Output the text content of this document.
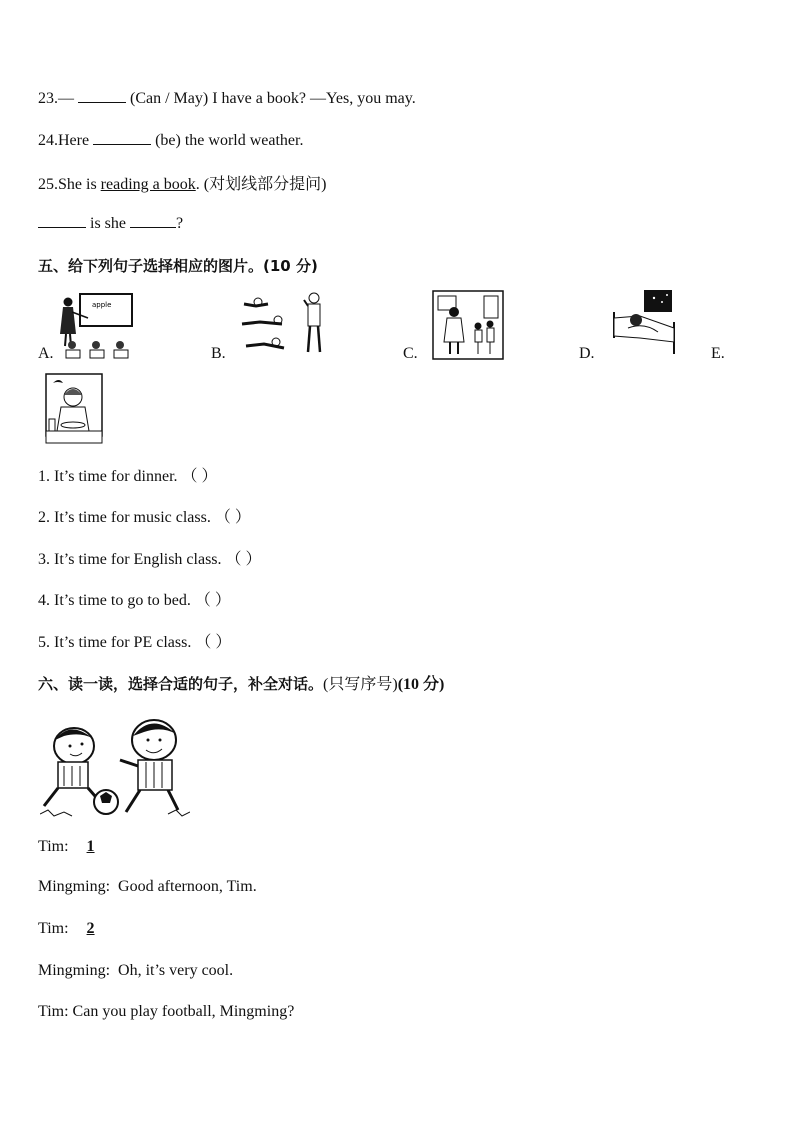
23.—	(Can / May) I have a book? —Yes, you may.
24.Here	(be) the world weather.
25.She is reading a book. (对划线部分提问)
is she	?
五、给下列句子选择相应的图片。(10 分)
apple
A.	B.	C.	D.	E.
1. It’s time for dinner. （ ）
2. It’s time for music class. （ ）
3. It’s time for English class. （ ）
4. It’s time to go to bed. （ ）
5. It’s time for PE class. （ ）
六、读一读，选择合适的句子，补全对话。(只写序号)(10 分)
Tim: 1
Mingming: Good afternoon, Tim.
Tim: 2
Mingming: Oh, it’s very cool.
Tim: Can you play football, Mingming?
